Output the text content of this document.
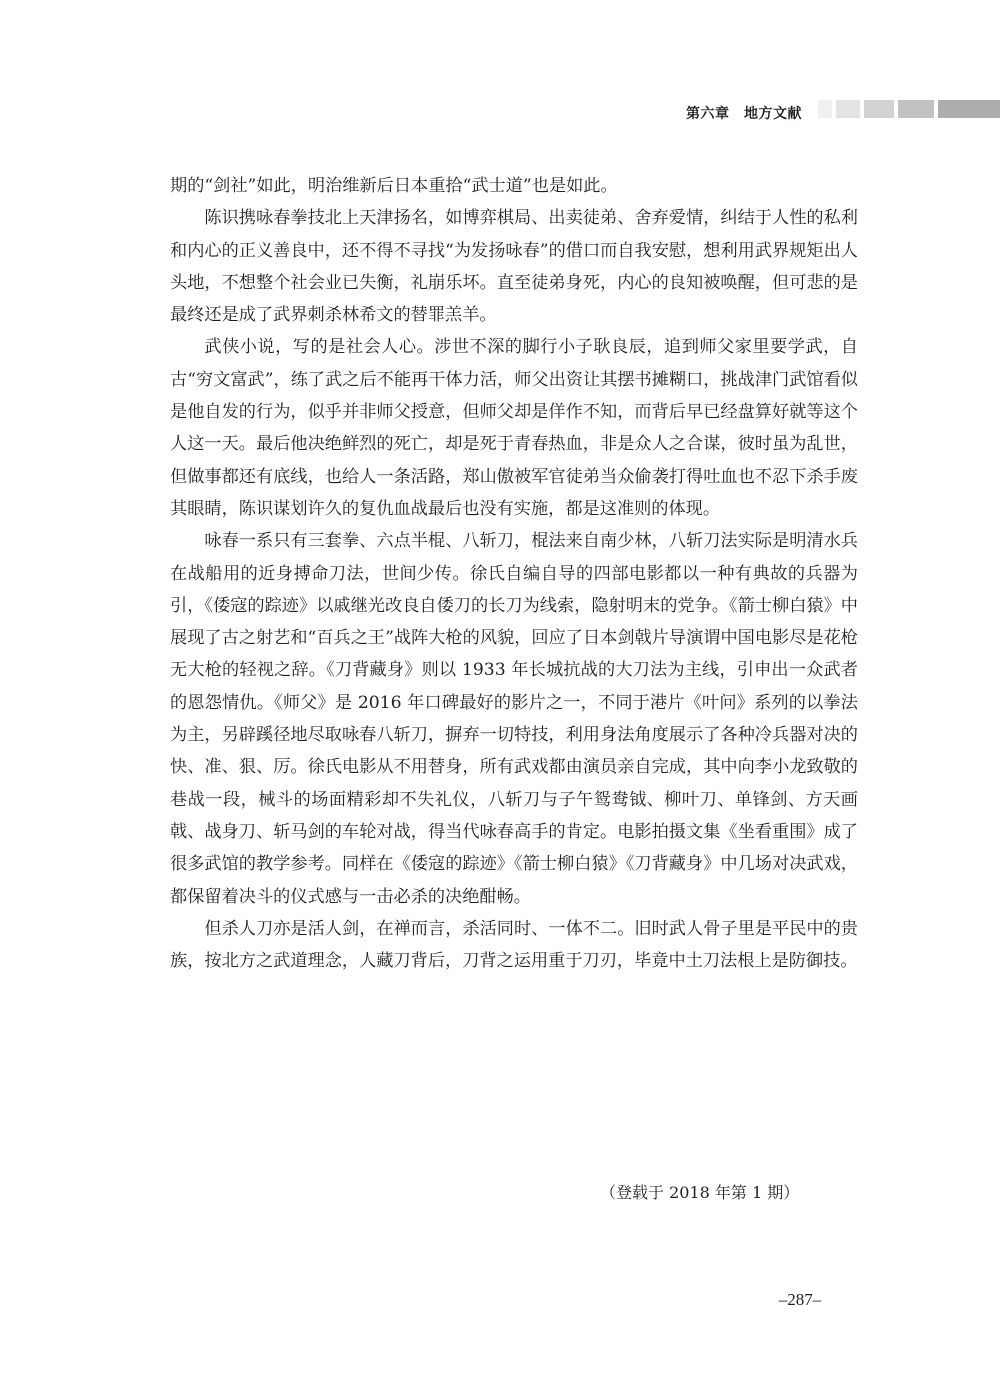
第六章　地方文献

期的“剑社”如此，明治维新后日本重拾“武士道”也是如此。

陈识携咏春拳技北上天津扬名，如博弈棋局、出卖徒弟、舍弃爱情，纠结于人性的私利和内心的正义善良中，还不得不寻找“为发扬咏春”的借口而自我安慰，想利用武界规矩出人头地，不想整个社会业已失衡，礼崩乐坏。直至徒弟身死，内心的良知被唤醒，但可悲的是最终还是成了武界刺杀林希文的替罪羔羊。

武侠小说，写的是社会人心。涉世不深的脚行小子耿良辰，追到师父家里要学武，自古“穷文富武”，练了武之后不能再干体力活，师父出资让其摆书摊糊口，挑战津门武馆看似是他自发的行为，似乎并非师父授意，但师父却是佯作不知，而背后早已经盘算好就等这个人这一天。最后他决绝鲜烈的死亡，却是死于青春热血，非是众人之合谋，彼时虽为乱世，但做事都还有底线，也给人一条活路，郑山傲被军官徒弟当众偷袭打得吐血也不忍下杀手废其眼睛，陈识谋划许久的复仇血战最后也没有实施，都是这准则的体现。

咏春一系只有三套拳、六点半棍、八斩刀，棍法来自南少林，八斩刀法实际是明清水兵在战船用的近身搏命刀法，世间少传。徐氏自编自导的四部电影都以一种有典故的兵器为引，《倭寇的踪迹》以戚继光改良自倭刀的长刀为线索，隐射明末的党争。《箭士柳白猿》中展现了古之射艺和“百兵之王”战阵大枪的风貌，回应了日本剑戟片导演谓中国电影尽是花枪无大枪的轻视之辞。《刀背藏身》则以 1933 年长城抗战的大刀法为主线，引申出一众武者的恩怨情仇。《师父》是 2016 年口碑最好的影片之一，不同于港片《叶问》系列的以拳法为主，另辟蹊径地尽取咏春八斩刀，摒弃一切特技，利用身法角度展示了各种冷兵器对决的快、准、狠、厉。徐氏电影从不用替身，所有武戏都由演员亲自完成，其中向李小龙致敬的巷战一段，械斗的场面精彩却不失礼仪，八斩刀与子午鸳鸯钺、柳叶刀、单锋剑、方天画戟、战身刀、斩马剑的车轮对战，得当代咏春高手的肯定。电影拍摄文集《坐看重围》成了很多武馆的教学参考。同样在《倭寇的踪迹》《箭士柳白猿》《刀背藏身》中几场对决武戏，都保留着决斗的仪式感与一击必杀的决绝酣畅。

但杀人刀亦是活人剑，在禅而言，杀活同时、一体不二。旧时武人骨子里是平民中的贵族，按北方之武道理念，人藏刀背后，刀背之运用重于刀刃，毕竟中土刀法根上是防御技。

（登载于 2018 年第 1 期）
–287–
